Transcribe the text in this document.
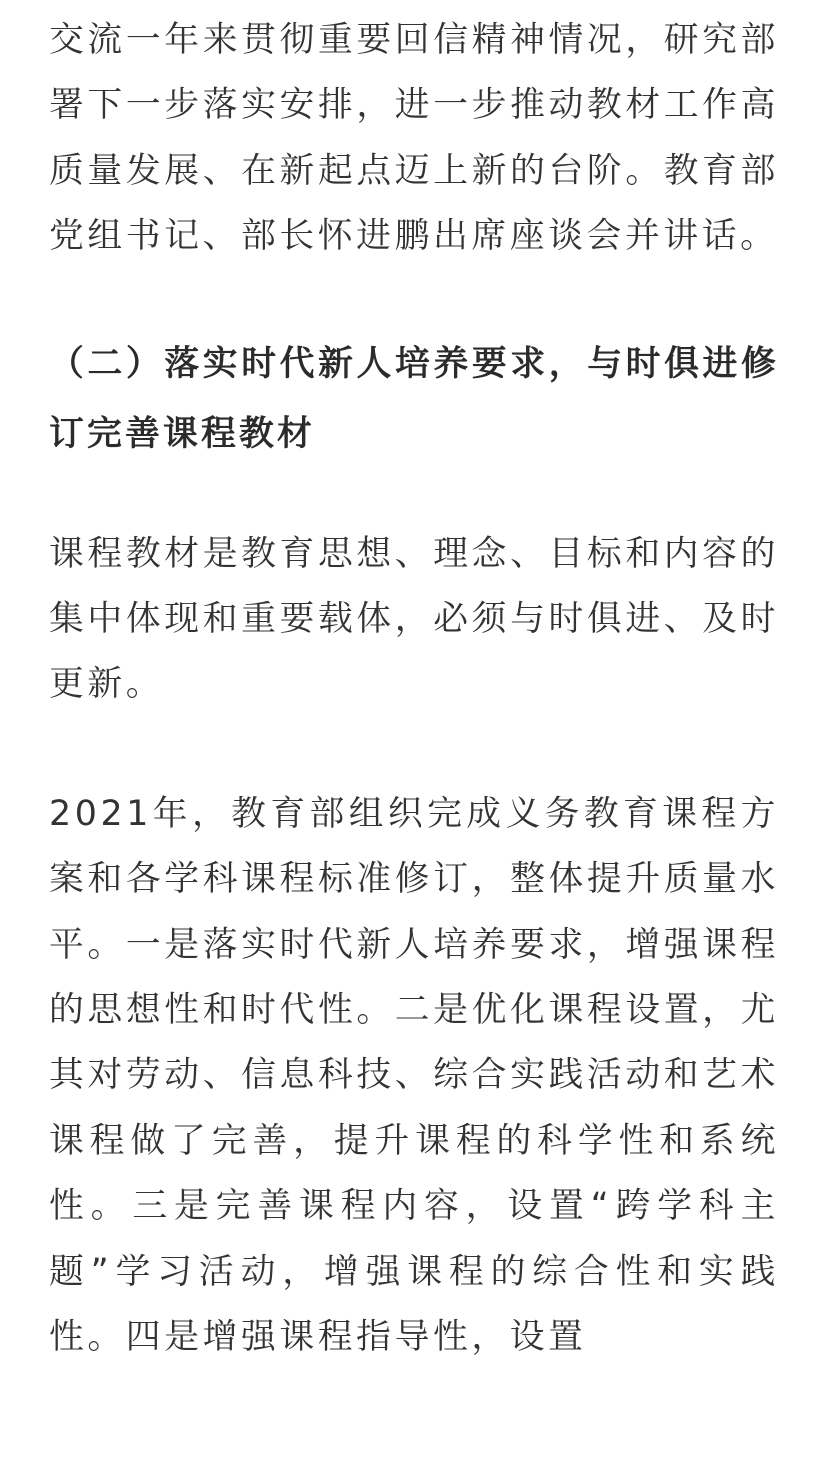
交流一年来贯彻重要回信精神情况，研究部署下一步落实安排，进一步推动教材工作高质量发展、在新起点迈上新的台阶。教育部党组书记、部长怀进鹏出席座谈会并讲话。

（二）落实时代新人培养要求，与时俱进修订完善课程教材

课程教材是教育思想、理念、目标和内容的集中体现和重要载体，必须与时俱进、及时更新。

2021年，教育部组织完成义务教育课程方案和各学科课程标准修订，整体提升质量水平。一是落实时代新人培养要求，增强课程的思想性和时代性。二是优化课程设置，尤其对劳动、信息科技、综合实践活动和艺术课程做了完善，提升课程的科学性和系统性。三是完善课程内容，设置“跨学科主题”学习活动，增强课程的综合性和实践性。四是增强课程指导性，设置
